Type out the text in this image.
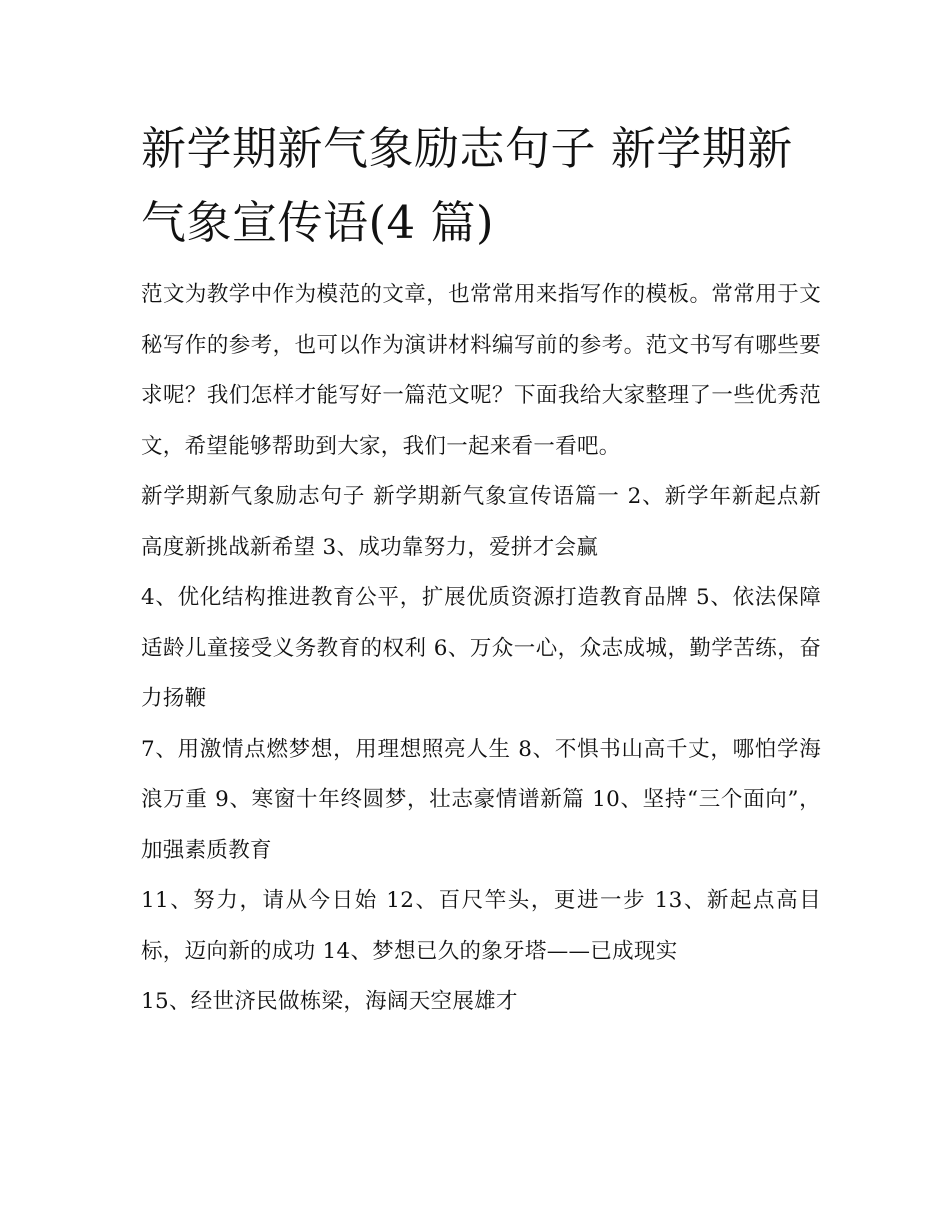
新学期新气象励志句子 新学期新气象宣传语(4 篇)

范文为教学中作为模范的文章，也常常用来指写作的模板。常常用于文秘写作的参考，也可以作为演讲材料编写前的参考。范文书写有哪些要求呢？我们怎样才能写好一篇范文呢？下面我给大家整理了一些优秀范文，希望能够帮助到大家，我们一起来看一看吧。

新学期新气象励志句子 新学期新气象宣传语篇一 2、新学年新起点新高度新挑战新希望 3、成功靠努力，爱拼才会赢

4、优化结构推进教育公平，扩展优质资源打造教育品牌 5、依法保障适龄儿童接受义务教育的权利 6、万众一心，众志成城，勤学苦练，奋力扬鞭

7、用激情点燃梦想，用理想照亮人生 8、不惧书山高千丈，哪怕学海浪万重 9、寒窗十年终圆梦，壮志豪情谱新篇 10、坚持“三个面向”，加强素质教育

11、努力，请从今日始 12、百尺竿头，更进一步 13、新起点高目标，迈向新的成功 14、梦想已久的象牙塔——已成现实

15、经世济民做栋梁，海阔天空展雄才
